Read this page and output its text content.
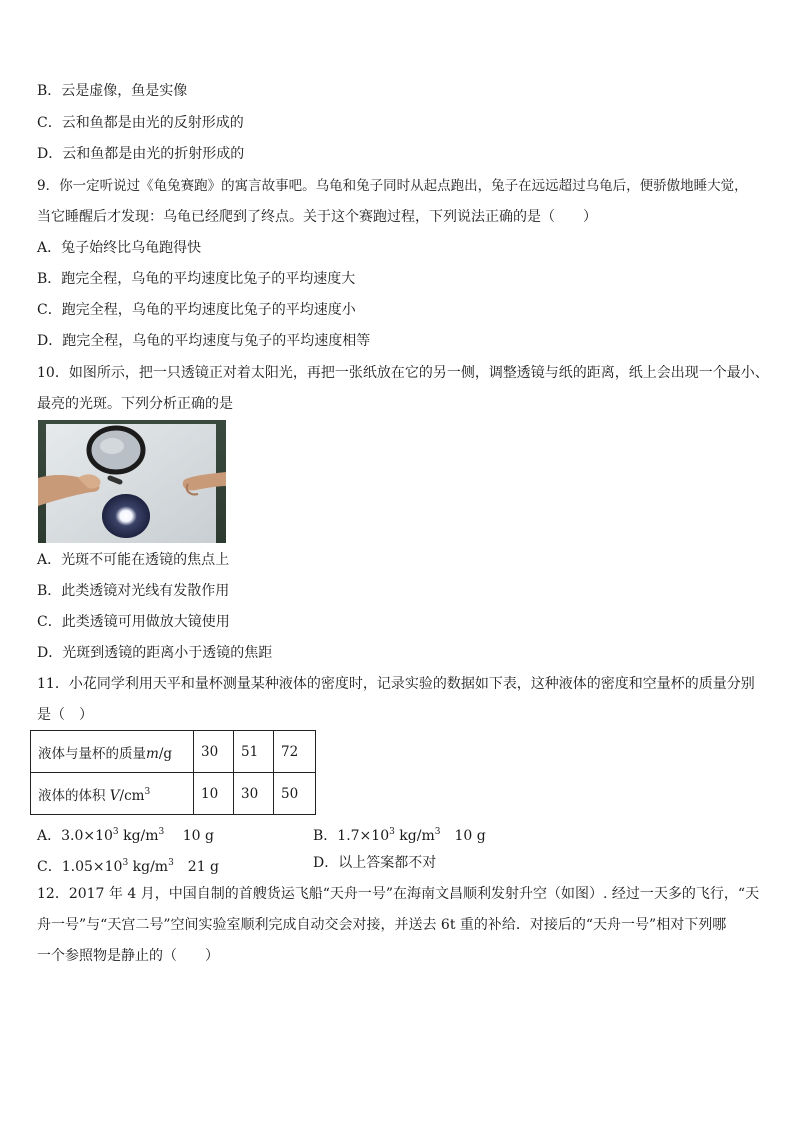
B．云是虚像，鱼是实像
C．云和鱼都是由光的反射形成的
D．云和鱼都是由光的折射形成的
9．你一定听说过《龟兔赛跑》的寓言故事吧。乌龟和兔子同时从起点跑出，兔子在远远超过乌龟后，便骄傲地睡大觉，
当它睡醒后才发现：乌龟已经爬到了终点。关于这个赛跑过程，下列说法正确的是（　　）
A．兔子始终比乌龟跑得快
B．跑完全程，乌龟的平均速度比兔子的平均速度大
C．跑完全程，乌龟的平均速度比兔子的平均速度小
D．跑完全程，乌龟的平均速度与兔子的平均速度相等
10．如图所示，把一只透镜正对着太阳光，再把一张纸放在它的另一侧，调整透镜与纸的距离，纸上会出现一个最小、
最亮的光斑。下列分析正确的是
A．光斑不可能在透镜的焦点上
B．此类透镜对光线有发散作用
C．此类透镜可用做放大镜使用
D．光斑到透镜的距离小于透镜的焦距
11．小花同学利用天平和量杯测量某种液体的密度时，记录实验的数据如下表，这种液体的密度和空量杯的质量分别
是（　）
液体与量杯的质量m/g	30	51	72
液体的体积 $V/cm^3$	10	30	50
A．$3.0\times 10^3$ $kg/m^3$　 10 g	B．$1.7\times 10^3$ $kg/m^3$　10 g
C．$1.05\times 10^3$ $kg/m^3$　21 g	D．以上答案都不对
12．2017 年 4 月，中国自制的首艘货运飞船“天舟一号”在海南文昌顺利发射升空（如图）. 经过一天多的飞行，“天
舟一号”与“天宫二号”空间实验室顺利完成自动交会对接，并送去 6t 重的补给．对接后的“天舟一号”相对下列哪
一个参照物是静止的（　　）
